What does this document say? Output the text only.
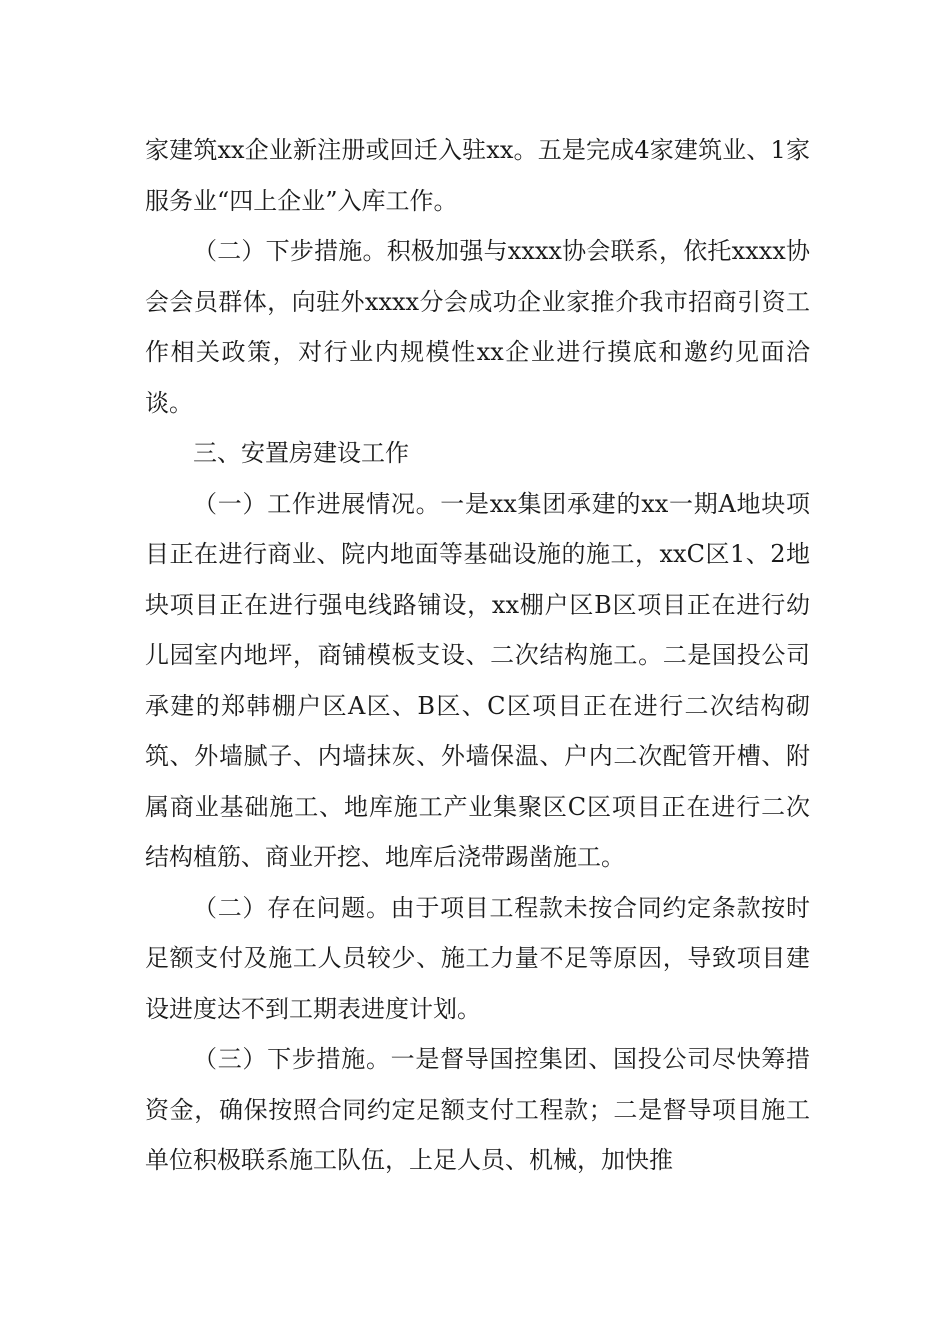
家建筑xx企业新注册或回迁入驻xx。五是完成4家建筑业、1家服务业“四上企业”入库工作。

（二）下步措施。积极加强与xxxx协会联系，依托xxxx协会会员群体，向驻外xxxx分会成功企业家推介我市招商引资工作相关政策，对行业内规模性xx企业进行摸底和邀约见面洽谈。

三、安置房建设工作

（一）工作进展情况。一是xx集团承建的xx一期A地块项目正在进行商业、院内地面等基础设施的施工，xxC区1、2地块项目正在进行强电线路铺设，xx棚户区B区项目正在进行幼儿园室内地坪，商铺模板支设、二次结构施工。二是国投公司承建的郑韩棚户区A区、B区、C区项目正在进行二次结构砌筑、外墙腻子、内墙抹灰、外墙保温、户内二次配管开槽、附属商业基础施工、地库施工产业集聚区C区项目正在进行二次结构植筋、商业开挖、地库后浇带踢凿施工。

（二）存在问题。由于项目工程款未按合同约定条款按时足额支付及施工人员较少、施工力量不足等原因，导致项目建设进度达不到工期表进度计划。

（三）下步措施。一是督导国控集团、国投公司尽快筹措资金，确保按照合同约定足额支付工程款；二是督导项目施工单位积极联系施工队伍，上足人员、机械，加快推
